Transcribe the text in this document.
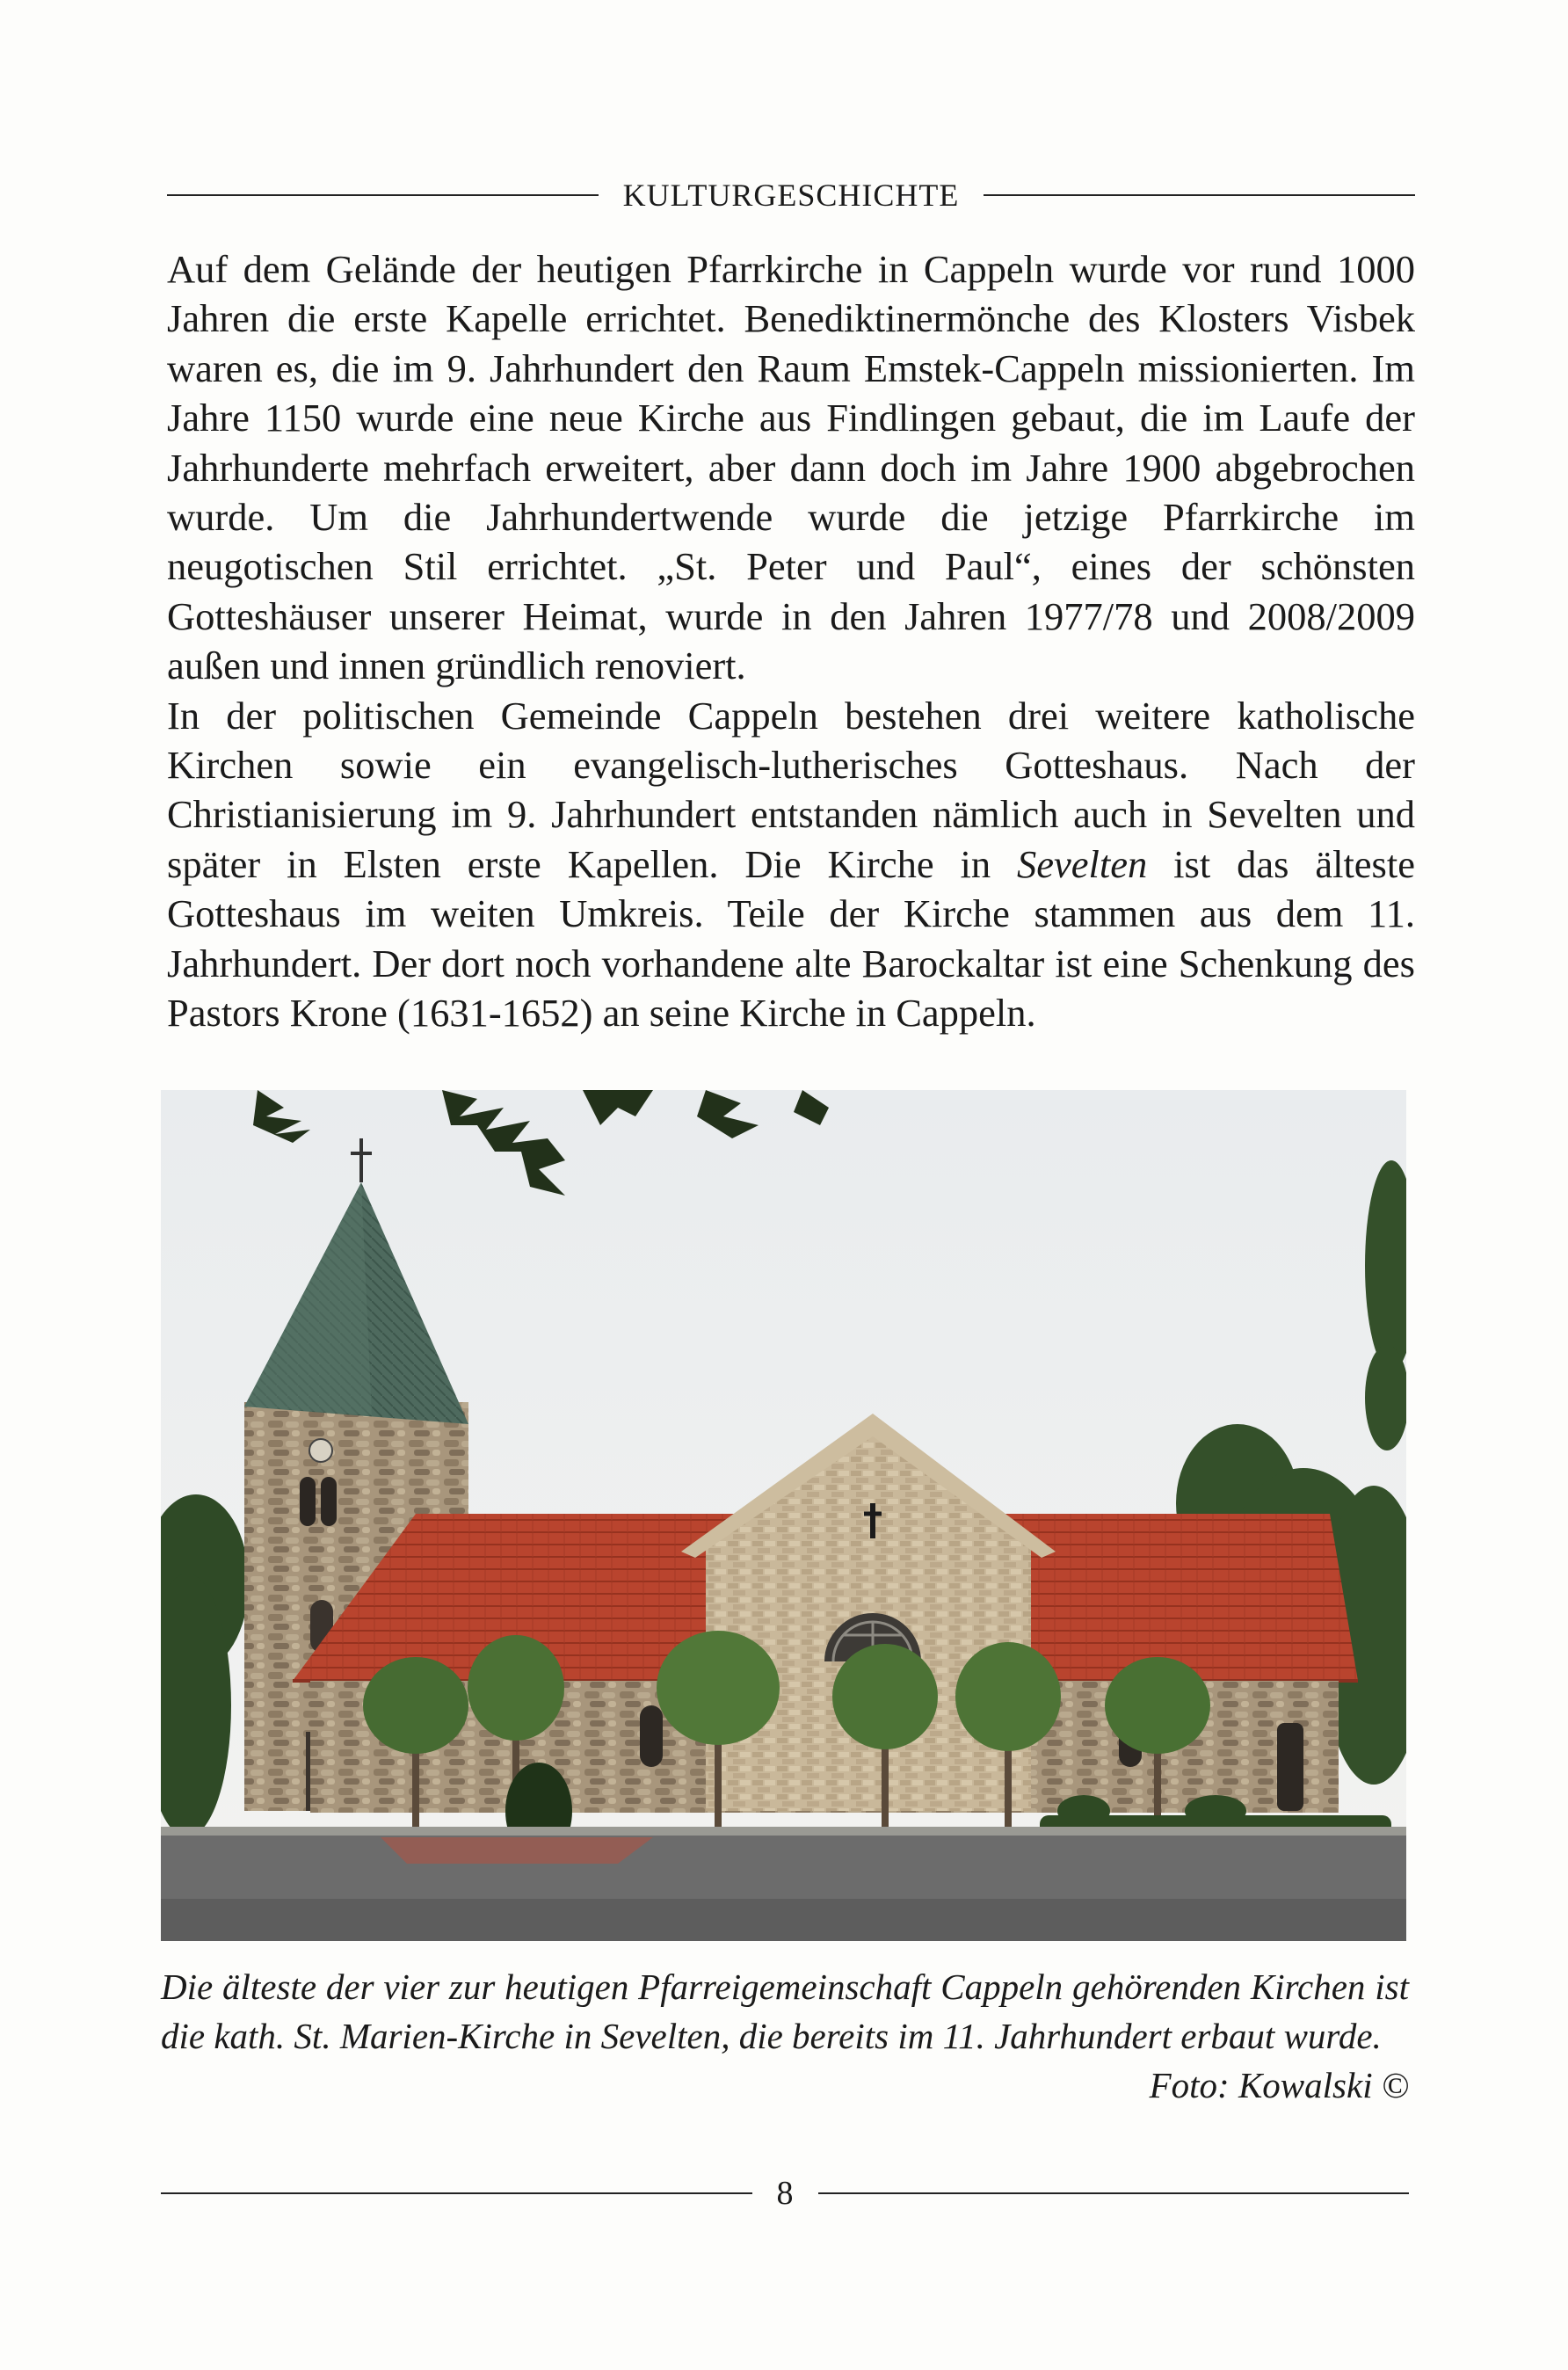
KULTURGESCHICHTE

Auf dem Gelände der heutigen Pfarrkirche in Cappeln wurde vor rund 1000 Jahren die erste Kapelle errichtet. Benediktinermönche des Klosters Visbek waren es, die im 9. Jahrhundert den Raum Emstek-Cappeln missionierten. Im Jahre 1150 wurde eine neue Kirche aus Findlingen gebaut, die im Laufe der Jahrhunderte mehrfach erweitert, aber dann doch im Jahre 1900 abgebrochen wurde. Um die Jahrhundertwende wurde die jetzige Pfarrkirche im neugotischen Stil errichtet. „St. Peter und Paul“, eines der schönsten Gotteshäuser unserer Heimat, wurde in den Jahren 1977/78 und 2008/2009 außen und innen gründlich renoviert.

In der politischen Gemeinde Cappeln bestehen drei weitere katholische Kirchen sowie ein evangelisch-lutherisches Gotteshaus. Nach der Christianisierung im 9. Jahrhundert entstanden nämlich auch in Sevelten und später in Elsten erste Kapellen. Die Kirche in Sevelten ist das älteste Gotteshaus im weiten Umkreis. Teile der Kirche stammen aus dem 11. Jahrhundert. Der dort noch vorhandene alte Barockaltar ist eine Schenkung des Pastors Krone (1631-1652) an seine Kirche in Cappeln.

Die älteste der vier zur heutigen Pfarreigemeinschaft Cappeln gehörenden Kirchen ist die kath. St. Marien-Kirche in Sevelten, die bereits im 11. Jahrhundert erbaut wurde.
Foto: Kowalski ©

8
